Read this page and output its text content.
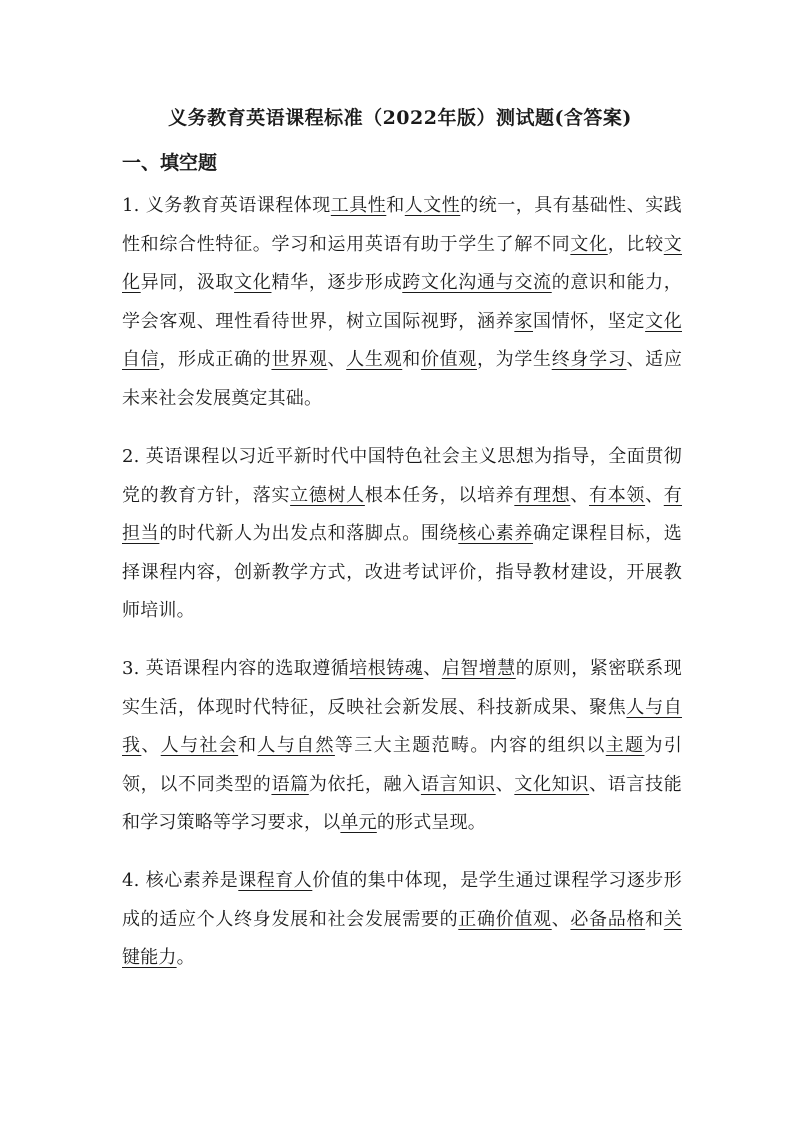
义务教育英语课程标准（2022年版）测试题(含答案)
一、填空题

1. 义务教育英语课程体现工具性和人文性的统一，具有基础性、实践性和综合性特征。学习和运用英语有助于学生了解不同文化，比较文化异同，汲取文化精华，逐步形成跨文化沟通与交流的意识和能力，学会客观、理性看待世界，树立国际视野，涵养家国情怀，坚定文化自信，形成正确的世界观、人生观和价值观，为学生终身学习、适应未来社会发展奠定其础。

2. 英语课程以习近平新时代中国特色社会主义思想为指导，全面贯彻党的教育方针，落实立德树人根本任务，以培养有理想、有本领、有担当的时代新人为出发点和落脚点。围绕核心素养确定课程目标，选择课程内容，创新教学方式，改进考试评价，指导教材建设，开展教师培训。

3. 英语课程内容的选取遵循培根铸魂、启智增慧的原则，紧密联系现实生活，体现时代特征，反映社会新发展、科技新成果、聚焦人与自我、人与社会和人与自然等三大主题范畴。内容的组织以主题为引领，以不同类型的语篇为依托，融入语言知识、文化知识、语言技能和学习策略等学习要求，以单元的形式呈现。

4. 核心素养是课程育人价值的集中体现，是学生通过课程学习逐步形成的适应个人终身发展和社会发展需要的正确价值观、必备品格和关键能力。
